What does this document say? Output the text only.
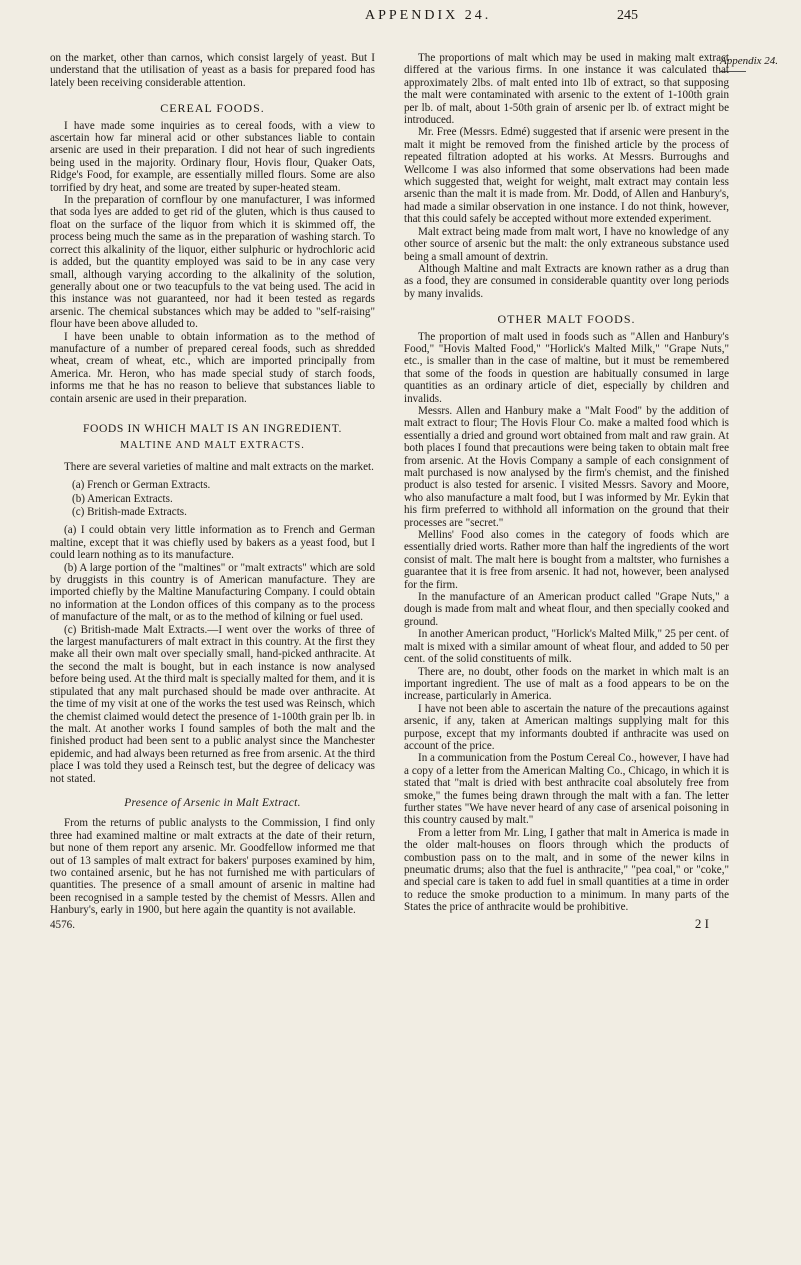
APPENDIX 24.	245
Appendix 24.

on the market, other than carnos, which consist largely of yeast. But I understand that the utilisation of yeast as a basis for prepared food has lately been receiving considerable attention.

CEREAL FOODS.

I have made some inquiries as to cereal foods, with a view to ascertain how far mineral acid or other substances liable to contain arsenic are used in their preparation. I did not hear of such ingredients being used in the majority. Ordinary flour, Hovis flour, Quaker Oats, Ridge's Food, for example, are essentially milled flours. Some are also torrified by dry heat, and some are treated by super-heated steam.

In the preparation of cornflour by one manufacturer, I was informed that soda lyes are added to get rid of the gluten, which is thus caused to float on the surface of the liquor from which it is skimmed off, the process being much the same as in the preparation of washing starch. To correct this alkalinity of the liquor, either sulphuric or hydrochloric acid is added, but the quantity employed was said to be in any case very small, although varying according to the alkalinity of the solution, generally about one or two teacupfuls to the vat being used. The acid in this instance was not guaranteed, nor had it been tested as regards arsenic. The chemical substances which may be added to "self-raising" flour have been above alluded to.

I have been unable to obtain information as to the method of manufacture of a number of prepared cereal foods, such as shredded wheat, cream of wheat, etc., which are imported principally from America. Mr. Heron, who has made special study of starch foods, informs me that he has no reason to believe that substances liable to contain arsenic are used in their preparation.

FOODS IN WHICH MALT IS AN INGREDIENT.
MALTINE AND MALT EXTRACTS.

There are several varieties of maltine and malt extracts on the market.

(a) French or German Extracts.
(b) American Extracts.
(c) British-made Extracts.

(a) I could obtain very little information as to French and German maltine, except that it was chiefly used by bakers as a yeast food, but I could learn nothing as to its manufacture.

(b) A large portion of the "maltines" or "malt extracts" which are sold by druggists in this country is of American manufacture. They are imported chiefly by the Maltine Manufacturing Company. I could obtain no information at the London offices of this company as to the process of manufacture of the malt, or as to the method of kilning or fuel used.

(c) British-made Malt Extracts.—I went over the works of three of the largest manufacturers of malt extract in this country. At the first they make all their own malt over specially small, hand-picked anthracite. At the second the malt is bought, but in each instance is now analysed before being used. At the third malt is specially malted for them, and it is stipulated that any malt purchased should be made over anthracite. At the time of my visit at one of the works the test used was Reinsch, which the chemist claimed would detect the presence of 1-100th grain per lb. in the malt. At another works I found samples of both the malt and the finished product had been sent to a public analyst since the Manchester epidemic, and had always been returned as free from arsenic. At the third place I was told they used a Reinsch test, but the degree of delicacy was not stated.

Presence of Arsenic in Malt Extract.

From the returns of public analysts to the Commission, I find only three had examined maltine or malt extracts at the date of their return, but none of them report any arsenic. Mr. Goodfellow informed me that out of 13 samples of malt extract for bakers' purposes examined by him, two contained arsenic, but he has not furnished me with particulars of quantities. The presence of a small amount of arsenic in maltine had been recognised in a sample tested by the chemist of Messrs. Allen and Hanbury's, early in 1900, but here again the quantity is not available.

4576.

The proportions of malt which may be used in making malt extract differed at the various firms. In one instance it was calculated that approximately 2lbs. of malt ented into 1lb of extract, so that supposing the malt were contaminated with arsenic to the extent of 1-100th grain per lb. of malt, about 1-50th grain of arsenic per lb. of extract might be introduced.

Mr. Free (Messrs. Edmé) suggested that if arsenic were present in the malt it might be removed from the finished article by the process of repeated filtration adopted at his works. At Messrs. Burroughs and Wellcome I was also informed that some observations had been made which suggested that, weight for weight, malt extract may contain less arsenic than the malt it is made from. Mr. Dodd, of Allen and Hanbury's, had made a similar observation in one instance. I do not think, however, that this could safely be accepted without more extended experiment.

Malt extract being made from malt wort, I have no knowledge of any other source of arsenic but the malt: the only extraneous substance used being a small amount of dextrin.

Although Maltine and malt Extracts are known rather as a drug than as a food, they are consumed in considerable quantity over long periods by many invalids.

OTHER MALT FOODS.

The proportion of malt used in foods such as "Allen and Hanbury's Food," "Hovis Malted Food," "Horlick's Malted Milk," "Grape Nuts," etc., is smaller than in the case of maltine, but it must be remembered that some of the foods in question are habitually consumed in large quantities as an ordinary article of diet, especially by children and invalids.

Messrs. Allen and Hanbury make a "Malt Food" by the addition of malt extract to flour; The Hovis Flour Co. make a malted food which is essentially a dried and ground wort obtained from malt and raw grain. At both places I found that precautions were being taken to obtain malt free from arsenic. At the Hovis Company a sample of each consignment of malt purchased is now analysed by the firm's chemist, and the finished product is also tested for arsenic. I visited Messrs. Savory and Moore, who also manufacture a malt food, but I was informed by Mr. Eykin that his firm preferred to withhold all information on the ground that their processes are "secret."

Mellins' Food also comes in the category of foods which are essentially dried worts. Rather more than half the ingredients of the wort consist of malt. The malt here is bought from a maltster, who furnishes a guarantee that it is free from arsenic. It had not, however, been analysed for the firm.

In the manufacture of an American product called "Grape Nuts," a dough is made from malt and wheat flour, and then specially cooked and ground.

In another American product, "Horlick's Malted Milk," 25 per cent. of malt is mixed with a similar amount of wheat flour, and added to 50 per cent. of the solid constituents of milk.

There are, no doubt, other foods on the market in which malt is an important ingredient. The use of malt as a food appears to be on the increase, particularly in America.

I have not been able to ascertain the nature of the precautions against arsenic, if any, taken at American maltings supplying malt for this purpose, except that my informants doubted if anthracite was used on account of the price.

In a communication from the Postum Cereal Co., however, I have had a copy of a letter from the American Malting Co., Chicago, in which it is stated that "malt is dried with best anthracite coal absolutely free from smoke," the fumes being drawn through the malt with a fan. The letter further states "We have never heard of any case of arsenical poisoning in this country caused by malt."

From a letter from Mr. Ling, I gather that malt in America is made in the older malt-houses on floors through which the products of combustion pass on to the malt, and in some of the newer kilns in pneumatic drums; also that the fuel is anthracite," "pea coal," or "coke," and special care is taken to add fuel in small quantities at a time in order to reduce the smoke production to a minimum. In many parts of the States the price of anthracite would be prohibitive.

2 I
